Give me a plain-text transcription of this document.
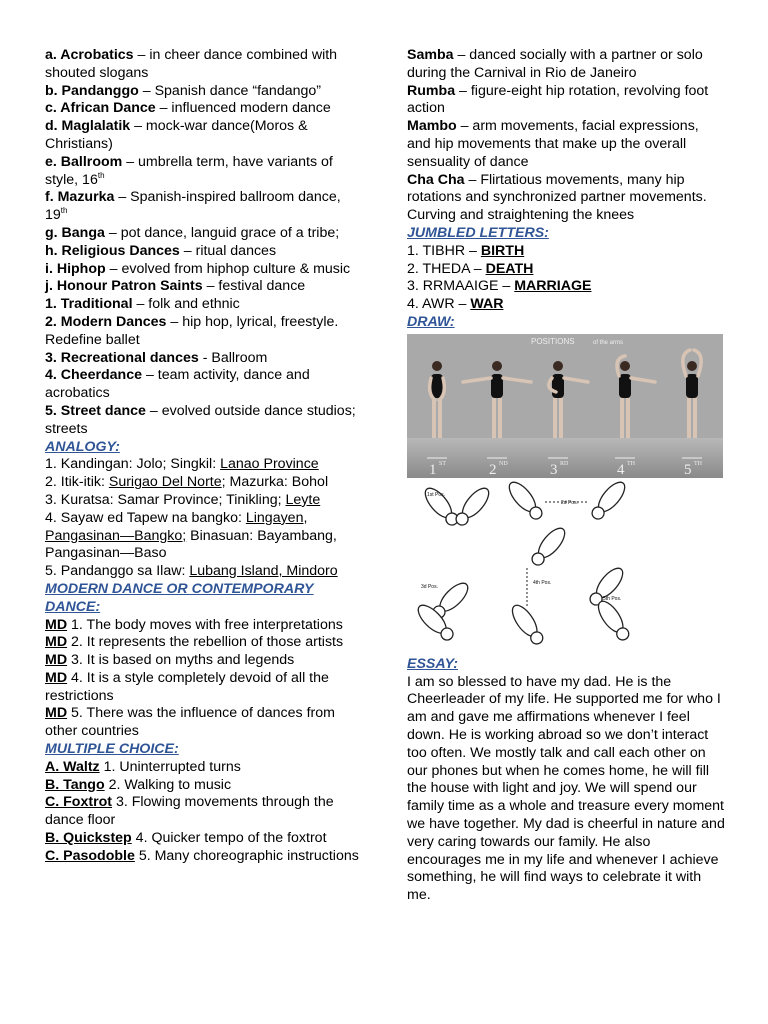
a. Acrobatics – in cheer dance combined with shouted slogans

b. Pandanggo – Spanish dance “fandango”

c. African Dance – influenced modern dance

d. Maglalatik – mock-war dance(Moros & Christians)

e. Ballroom – umbrella term, have variants of style, 16th

f. Mazurka – Spanish-inspired ballroom dance, 19th

g. Banga – pot dance, languid grace of a tribe;

h. Religious Dances – ritual dances

i. Hiphop – evolved from hiphop culture & music

j. Honour Patron Saints – festival dance

1. Traditional – folk and ethnic

2. Modern Dances – hip hop, lyrical, freestyle. Redefine ballet

3. Recreational dances - Ballroom

4. Cheerdance – team activity, dance and acrobatics

5. Street dance – evolved outside dance studios; streets

ANALOGY:

1. Kandingan: Jolo; Singkil: Lanao Province

2. Itik-itik: Surigao Del Norte; Mazurka: Bohol

3. Kuratsa: Samar Province; Tinikling; Leyte

4. Sayaw ed Tapew na bangko: Lingayen, Pangasinan—Bangko; Binasuan: Bayambang, Pangasinan—Baso

5. Pandanggo sa Ilaw: Lubang Island, Mindoro

MODERN DANCE OR CONTEMPORARY DANCE:

MD 1. The body moves with free interpretations

MD 2. It represents the rebellion of those artists

MD 3. It is based on myths and legends

MD 4. It is a style completely devoid of all the restrictions

MD 5. There was the influence of dances from other countries

MULTIPLE CHOICE:

A. Waltz 1. Uninterrupted turns

B. Tango 2. Walking to music

C. Foxtrot 3. Flowing movements through the dance floor

B. Quickstep 4. Quicker tempo of the foxtrot

C. Pasodoble 5. Many choreographic instructions

Samba – danced socially with a partner or solo during the Carnival in Rio de Janeiro

Rumba – figure-eight hip rotation, revolving foot action

Mambo – arm movements, facial expressions, and hip movements that make up the overall sensuality of dance

Cha Cha – Flirtatious movements, many hip rotations and synchronized partner movements. Curving and straightening the knees

JUMBLED LETTERS:

1. TIBHR – BIRTH

2. THEDA – DEATH

3. RRMAAIGE – MARRIAGE

4. AWR – WAR

DRAW:

POSITIONS	of the arms
1 ST	2 ND	3 RD	4 TH	5 TH
1st Pos.
2d Pos.
3d Pos.
4th Pos.
5th Pos.

ESSAY:

I am so blessed to have my dad. He is the Cheerleader of my life. He supported me for who I am and gave me affirmations whenever I feel down. He is working abroad so we don’t interact too often. We mostly talk and call each other on our phones but when he comes home, he will fill the house with light and joy. We will spend our family time as a whole and treasure every moment we have together. My dad is cheerful in nature and very caring towards our family. He also encourages me in my life and whenever I achieve something, he will find ways to celebrate it with me.
